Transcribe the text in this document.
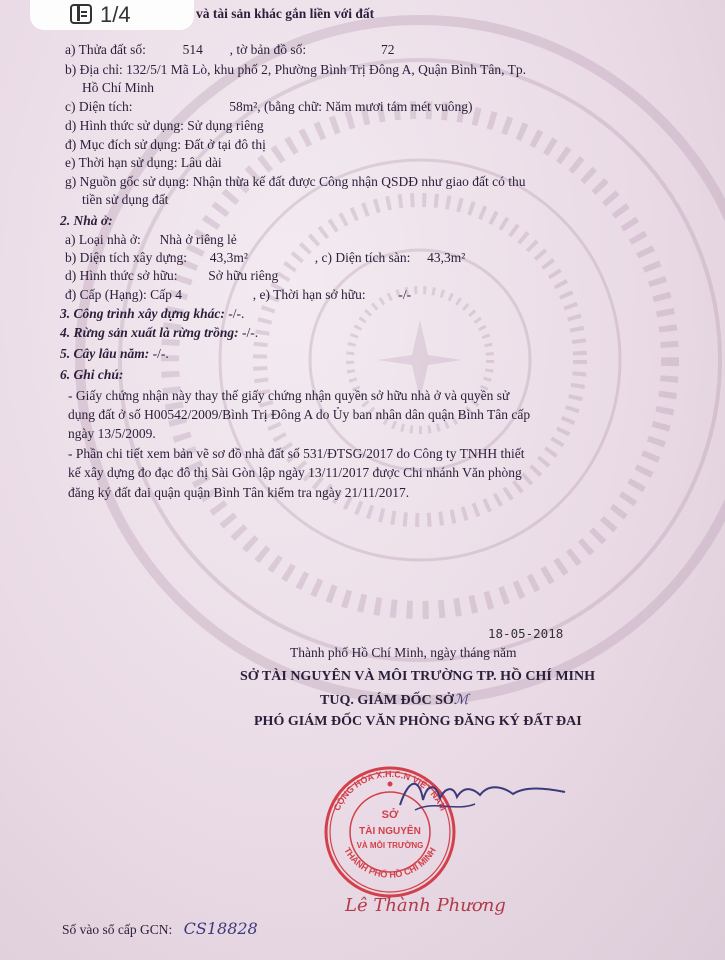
1/4	và tài sản khác gắn liền với đất
a) Thửa đất số:	514 , tờ bản đồ số:	72
b) Địa chỉ: 132/5/1 Mã Lò, khu phố 2, Phường Bình Trị Đông A, Quận Bình Tân, Tp.
Hồ Chí Minh
c) Diện tích:	58m², (bằng chữ: Năm mươi tám mét vuông)
d) Hình thức sử dụng: Sử dụng riêng
đ) Mục đích sử dụng: Đất ở tại đô thị
e) Thời hạn sử dụng: Lâu dài
g) Nguồn gốc sử dụng: Nhận thừa kế đất được Công nhận QSDĐ như giao đất có thu
tiền sử dụng đất
2. Nhà ở:
a) Loại nhà ở: Nhà ở riêng lẻ
b) Diện tích xây dựng: 43,3m²	, c) Diện tích sàn: 43,3m²
d) Hình thức sở hữu: Sở hữu riêng
đ) Cấp (Hạng): Cấp 4	, e) Thời hạn sở hữu: -/-
3. Công trình xây dựng khác: -/-.
4. Rừng sản xuất là rừng trồng: -/-.
5. Cây lâu năm: -/-.
6. Ghi chú:
- Giấy chứng nhận này thay thế giấy chứng nhận quyền sở hữu nhà ở và quyền sử
dụng đất ở số H00542/2009/Bình Trị Đông A do Ủy ban nhân dân quận Bình Tân cấp
ngày 13/5/2009.
- Phần chi tiết xem bản vẽ sơ đồ nhà đất số 531/ĐTSG/2017 do Công ty TNHH thiết
kế xây dựng đo đạc đô thị Sài Gòn lập ngày 13/11/2017 được Chi nhánh Văn phòng
đăng ký đất đai quận quận Bình Tân kiểm tra ngày 21/11/2017.
18-05-2018
Thành phố Hồ Chí Minh, ngày tháng năm
SỞ TÀI NGUYÊN VÀ MÔI TRƯỜNG TP. HỒ CHÍ MINH
TUQ. GIÁM ĐỐC SỞℳ
PHÓ GIÁM ĐỐC VĂN PHÒNG ĐĂNG KÝ ĐẤT ĐAI
CỘNG HÒA X.H.C.N VIỆT NAM
THÀNH PHỐ HỒ CHÍ MINH
SỞ
TÀI NGUYÊN
VÀ MÔI TRƯỜNG
Lê Thành Phương
Số vào sổ cấp GCN: CS18828
